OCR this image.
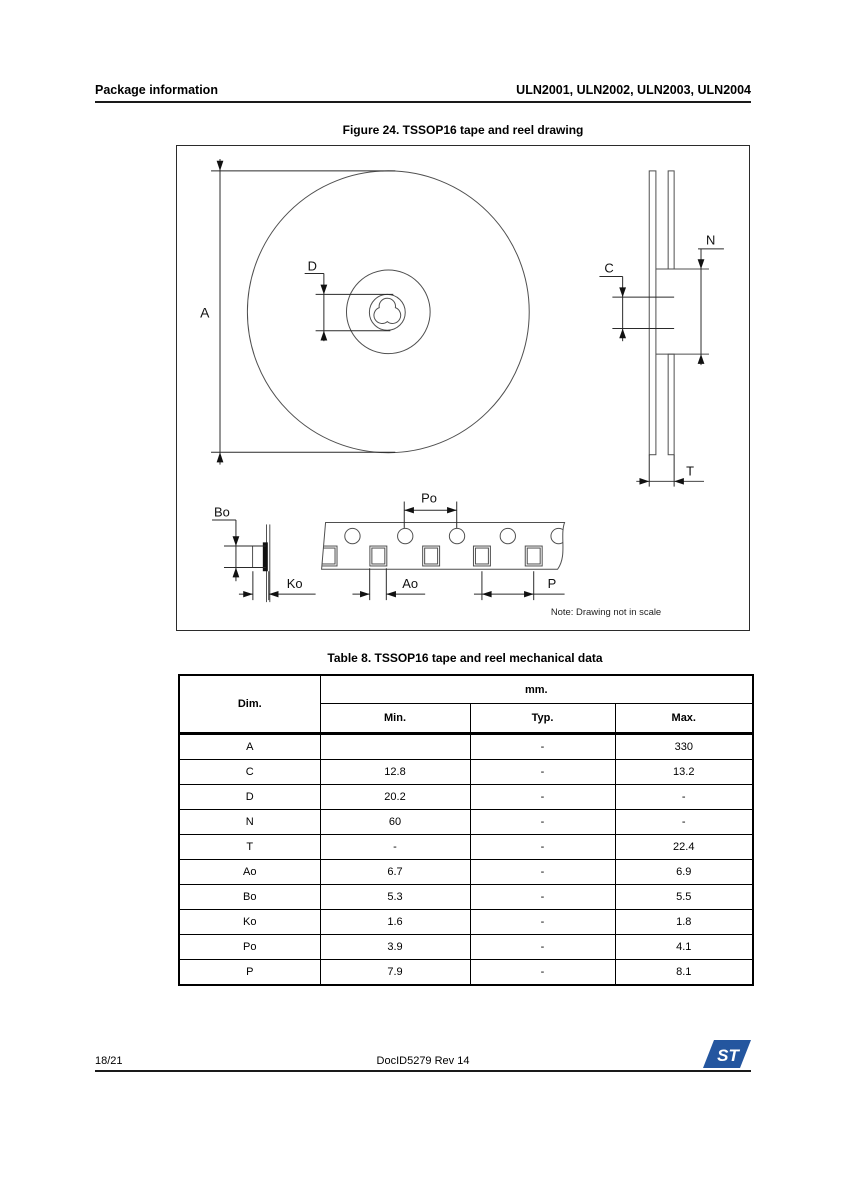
Package information	ULN2001, ULN2002, ULN2003, ULN2004
Figure 24. TSSOP16 tape and reel drawing
A
D	C
N
T
Po
Bo
Ko	Ao	P
Note: Drawing not in scale
Table 8. TSSOP16 tape and reel mechanical data
Dim.	mm.		
	Min.	Typ.	Max.
A		-	330
C	12.8	-	13.2
D	20.2	-	-
N	60	-	-
T	-	-	22.4
Ao	6.7	-	6.9
Bo	5.3	-	5.5
Ko	1.6	-	1.8
Po	3.9	-	4.1
P	7.9	-	8.1
18/21	DocID5279 Rev 14	ST
